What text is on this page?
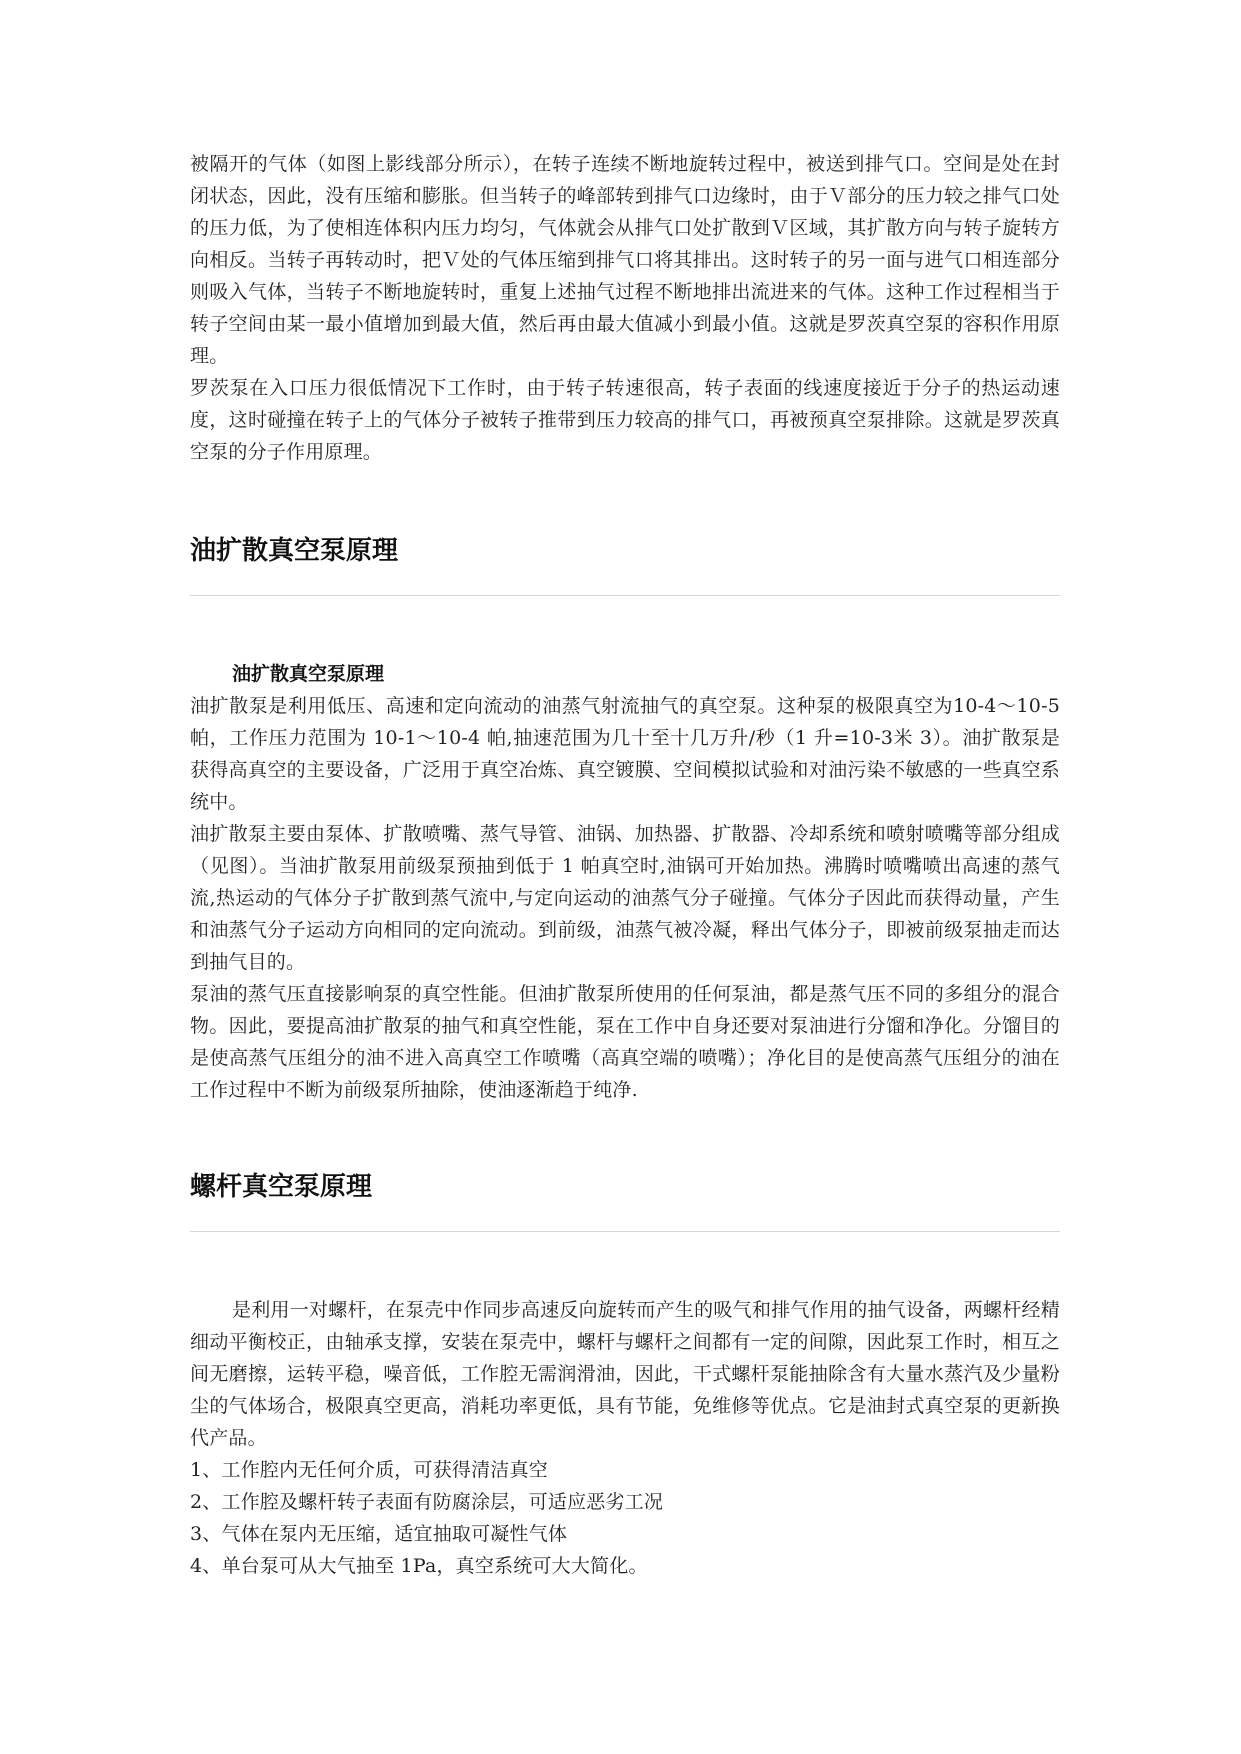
被隔开的气体（如图上影线部分所示），在转子连续不断地旋转过程中，被送到排气口。空间是处在封闭状态，因此，没有压缩和膨胀。但当转子的峰部转到排气口边缘时，由于Ｖ部分的压力较之排气口处的压力低，为了使相连体积内压力均匀，气体就会从排气口处扩散到Ｖ区域，其扩散方向与转子旋转方向相反。当转子再转动时，把Ｖ处的气体压缩到排气口将其排出。这时转子的另一面与进气口相连部分则吸入气体，当转子不断地旋转时，重复上述抽气过程不断地排出流进来的气体。这种工作过程相当于转子空间由某一最小值增加到最大值，然后再由最大值减小到最小值。这就是罗茨真空泵的容积作用原理。

罗茨泵在入口压力很低情况下工作时，由于转子转速很高，转子表面的线速度接近于分子的热运动速度，这时碰撞在转子上的气体分子被转子推带到压力较高的排气口，再被预真空泵排除。这就是罗茨真空泵的分子作用原理。

油扩散真空泵原理

油扩散真空泵原理

油扩散泵是利用低压、高速和定向流动的油蒸气射流抽气的真空泵。这种泵的极限真空为10-4～10-5 帕，工作压力范围为 10-1～10-4 帕,抽速范围为几十至十几万升/秒（1 升=10-3米 3）。油扩散泵是获得高真空的主要设备，广泛用于真空冶炼、真空镀膜、空间模拟试验和对油污染不敏感的一些真空系统中。

油扩散泵主要由泵体、扩散喷嘴、蒸气导管、油锅、加热器、扩散器、冷却系统和喷射喷嘴等部分组成（见图）。当油扩散泵用前级泵预抽到低于 1 帕真空时,油锅可开始加热。沸腾时喷嘴喷出高速的蒸气流,热运动的气体分子扩散到蒸气流中,与定向运动的油蒸气分子碰撞。气体分子因此而获得动量，产生和油蒸气分子运动方向相同的定向流动。到前级，油蒸气被冷凝，释出气体分子，即被前级泵抽走而达到抽气目的。

泵油的蒸气压直接影响泵的真空性能。但油扩散泵所使用的任何泵油，都是蒸气压不同的多组分的混合物。因此，要提高油扩散泵的抽气和真空性能，泵在工作中自身还要对泵油进行分馏和净化。分馏目的是使高蒸气压组分的油不进入高真空工作喷嘴（高真空端的喷嘴）；净化目的是使高蒸气压组分的油在工作过程中不断为前级泵所抽除，使油逐渐趋于纯净.

螺杆真空泵原理

是利用一对螺杆，在泵壳中作同步高速反向旋转而产生的吸气和排气作用的抽气设备，两螺杆经精细动平衡校正，由轴承支撑，安装在泵壳中，螺杆与螺杆之间都有一定的间隙，因此泵工作时，相互之间无磨擦，运转平稳，噪音低，工作腔无需润滑油，因此，干式螺杆泵能抽除含有大量水蒸汽及少量粉尘的气体场合，极限真空更高，消耗功率更低，具有节能，免维修等优点。它是油封式真空泵的更新换代产品。

1、工作腔内无任何介质，可获得清洁真空

2、工作腔及螺杆转子表面有防腐涂层，可适应恶劣工况

3、气体在泵内无压缩，适宜抽取可凝性气体

4、单台泵可从大气抽至 1Pa，真空系统可大大简化。
